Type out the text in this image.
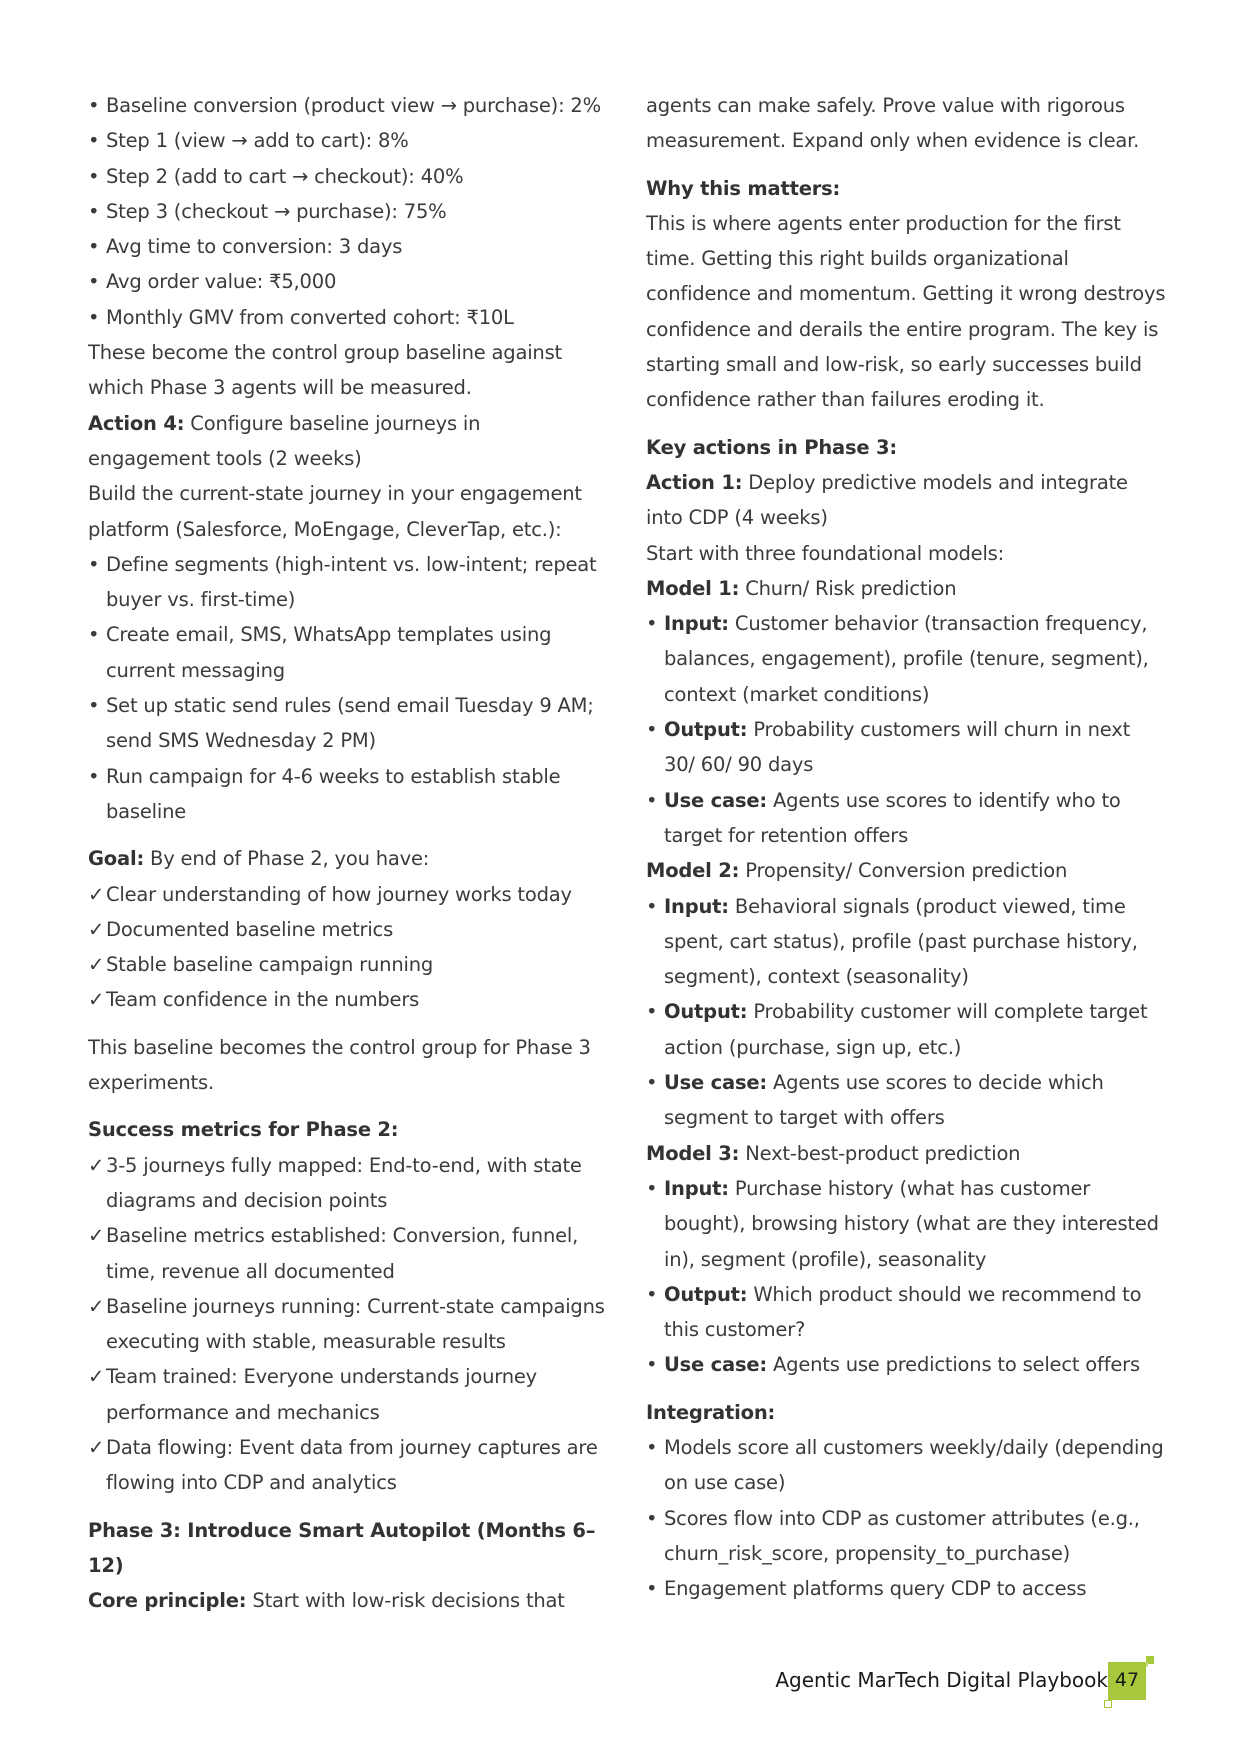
• Baseline conversion (product view → purchase): 2%

• Step 1 (view → add to cart): 8%

• Step 2 (add to cart → checkout): 40%

• Step 3 (checkout → purchase): 75%

• Avg time to conversion: 3 days

• Avg order value: ₹5,000

• Monthly GMV from converted cohort: ₹10L

These become the control group baseline against which Phase 3 agents will be measured.

Action 4: Configure baseline journeys in engagement tools (2 weeks)

Build the current-state journey in your engagement platform (Salesforce, MoEngage, CleverTap, etc.):

• Define segments (high-intent vs. low-intent; repeat buyer vs. first-time)

• Create email, SMS, WhatsApp templates using current messaging

• Set up static send rules (send email Tuesday 9 AM; send SMS Wednesday 2 PM)

• Run campaign for 4-6 weeks to establish stable baseline

Goal: By end of Phase 2, you have:

✓ Clear understanding of how journey works today

✓ Documented baseline metrics

✓ Stable baseline campaign running

✓ Team confidence in the numbers

This baseline becomes the control group for Phase 3 experiments.

Success metrics for Phase 2:

✓ 3-5 journeys fully mapped: End-to-end, with state diagrams and decision points

✓ Baseline metrics established: Conversion, funnel, time, revenue all documented

✓ Baseline journeys running: Current-state campaigns executing with stable, measurable results

✓ Team trained: Everyone understands journey performance and mechanics

✓ Data flowing: Event data from journey captures are flowing into CDP and analytics

Phase 3: Introduce Smart Autopilot (Months 6–12)

Core principle: Start with low-risk decisions that

agents can make safely. Prove value with rigorous measurement. Expand only when evidence is clear.

Why this matters:

This is where agents enter production for the first time. Getting this right builds organizational confidence and momentum. Getting it wrong destroys confidence and derails the entire program. The key is starting small and low-risk, so early successes build confidence rather than failures eroding it.

Key actions in Phase 3:

Action 1: Deploy predictive models and integrate into CDP (4 weeks)

Start with three foundational models:

Model 1: Churn/ Risk prediction

• Input: Customer behavior (transaction frequency, balances, engagement), profile (tenure, segment), context (market conditions)

• Output: Probability customers will churn in next 30/ 60/ 90 days

• Use case: Agents use scores to identify who to target for retention offers

Model 2: Propensity/ Conversion prediction

• Input: Behavioral signals (product viewed, time spent, cart status), profile (past purchase history, segment), context (seasonality)

• Output: Probability customer will complete target action (purchase, sign up, etc.)

• Use case: Agents use scores to decide which segment to target with offers

Model 3: Next-best-product prediction

• Input: Purchase history (what has customer bought), browsing history (what are they interested in), segment (profile), seasonality

• Output: Which product should we recommend to this customer?

• Use case: Agents use predictions to select offers

Integration:

• Models score all customers weekly/daily (depending on use case)

• Scores flow into CDP as customer attributes (e.g., churn_risk_score, propensity_to_purchase)

• Engagement platforms query CDP to access

Agentic MarTech Digital Playbook 47
